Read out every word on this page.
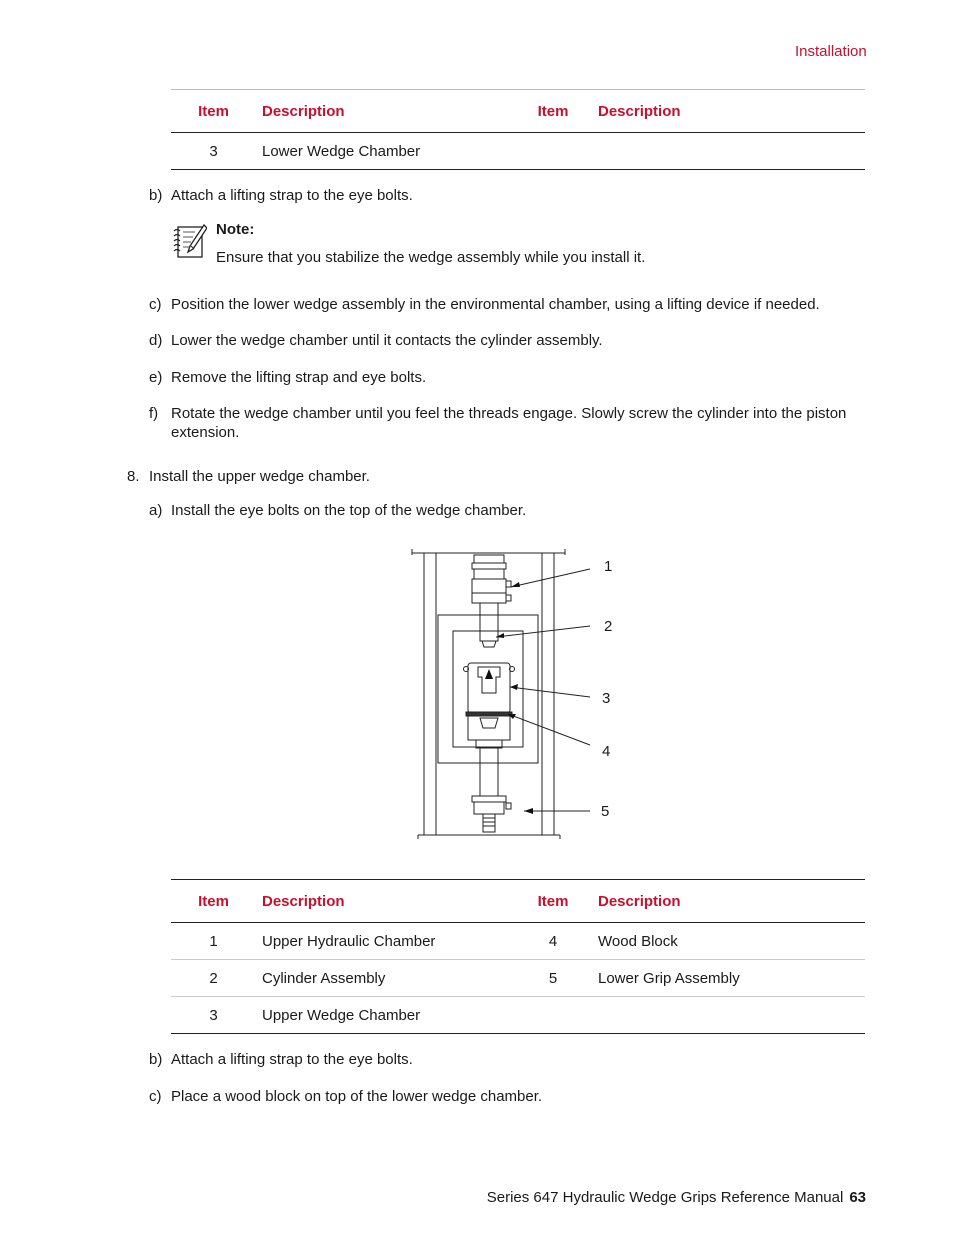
Installation
Item	Description	Item	Description
3	Lower Wedge Chamber		
b) Attach a lifting strap to the eye bolts.
Note:
Ensure that you stabilize the wedge assembly while you install it.
c) Position the lower wedge assembly in the environmental chamber, using a lifting device if needed.
d) Lower the wedge chamber until it contacts the cylinder assembly.
e) Remove the lifting strap and eye bolts.
f) Rotate the wedge chamber until you feel the threads engage. Slowly screw the cylinder into the piston extension.
8. Install the upper wedge chamber.
a) Install the eye bolts on the top of the wedge chamber.
1
2
3
4
5
Item	Description	Item	Description
1	Upper Hydraulic Chamber	4	Wood Block
2	Cylinder Assembly	5	Lower Grip Assembly
3	Upper Wedge Chamber		
b) Attach a lifting strap to the eye bolts.
c) Place a wood block on top of the lower wedge chamber.
Series 647 Hydraulic Wedge Grips Reference Manual 63
